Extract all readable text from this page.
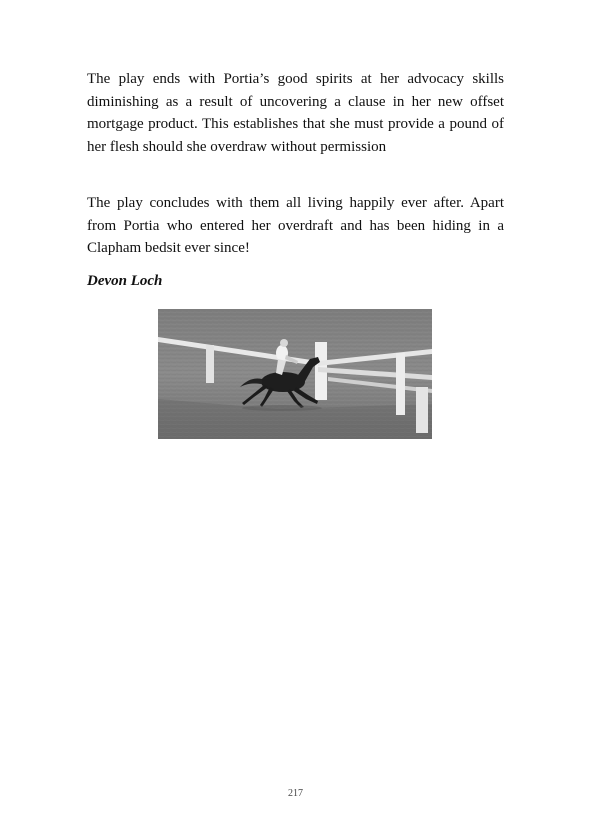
The play ends with Portia’s good spirits at her advocacy skills diminishing as a result of uncovering a clause in her new offset mortgage product. This establishes that she must provide a pound of her flesh should she overdraw without permission

The play concludes with them all living happily ever after. Apart from Portia who entered her overdraft and has been hiding in a Clapham bedsit ever since!

Devon Loch

217
